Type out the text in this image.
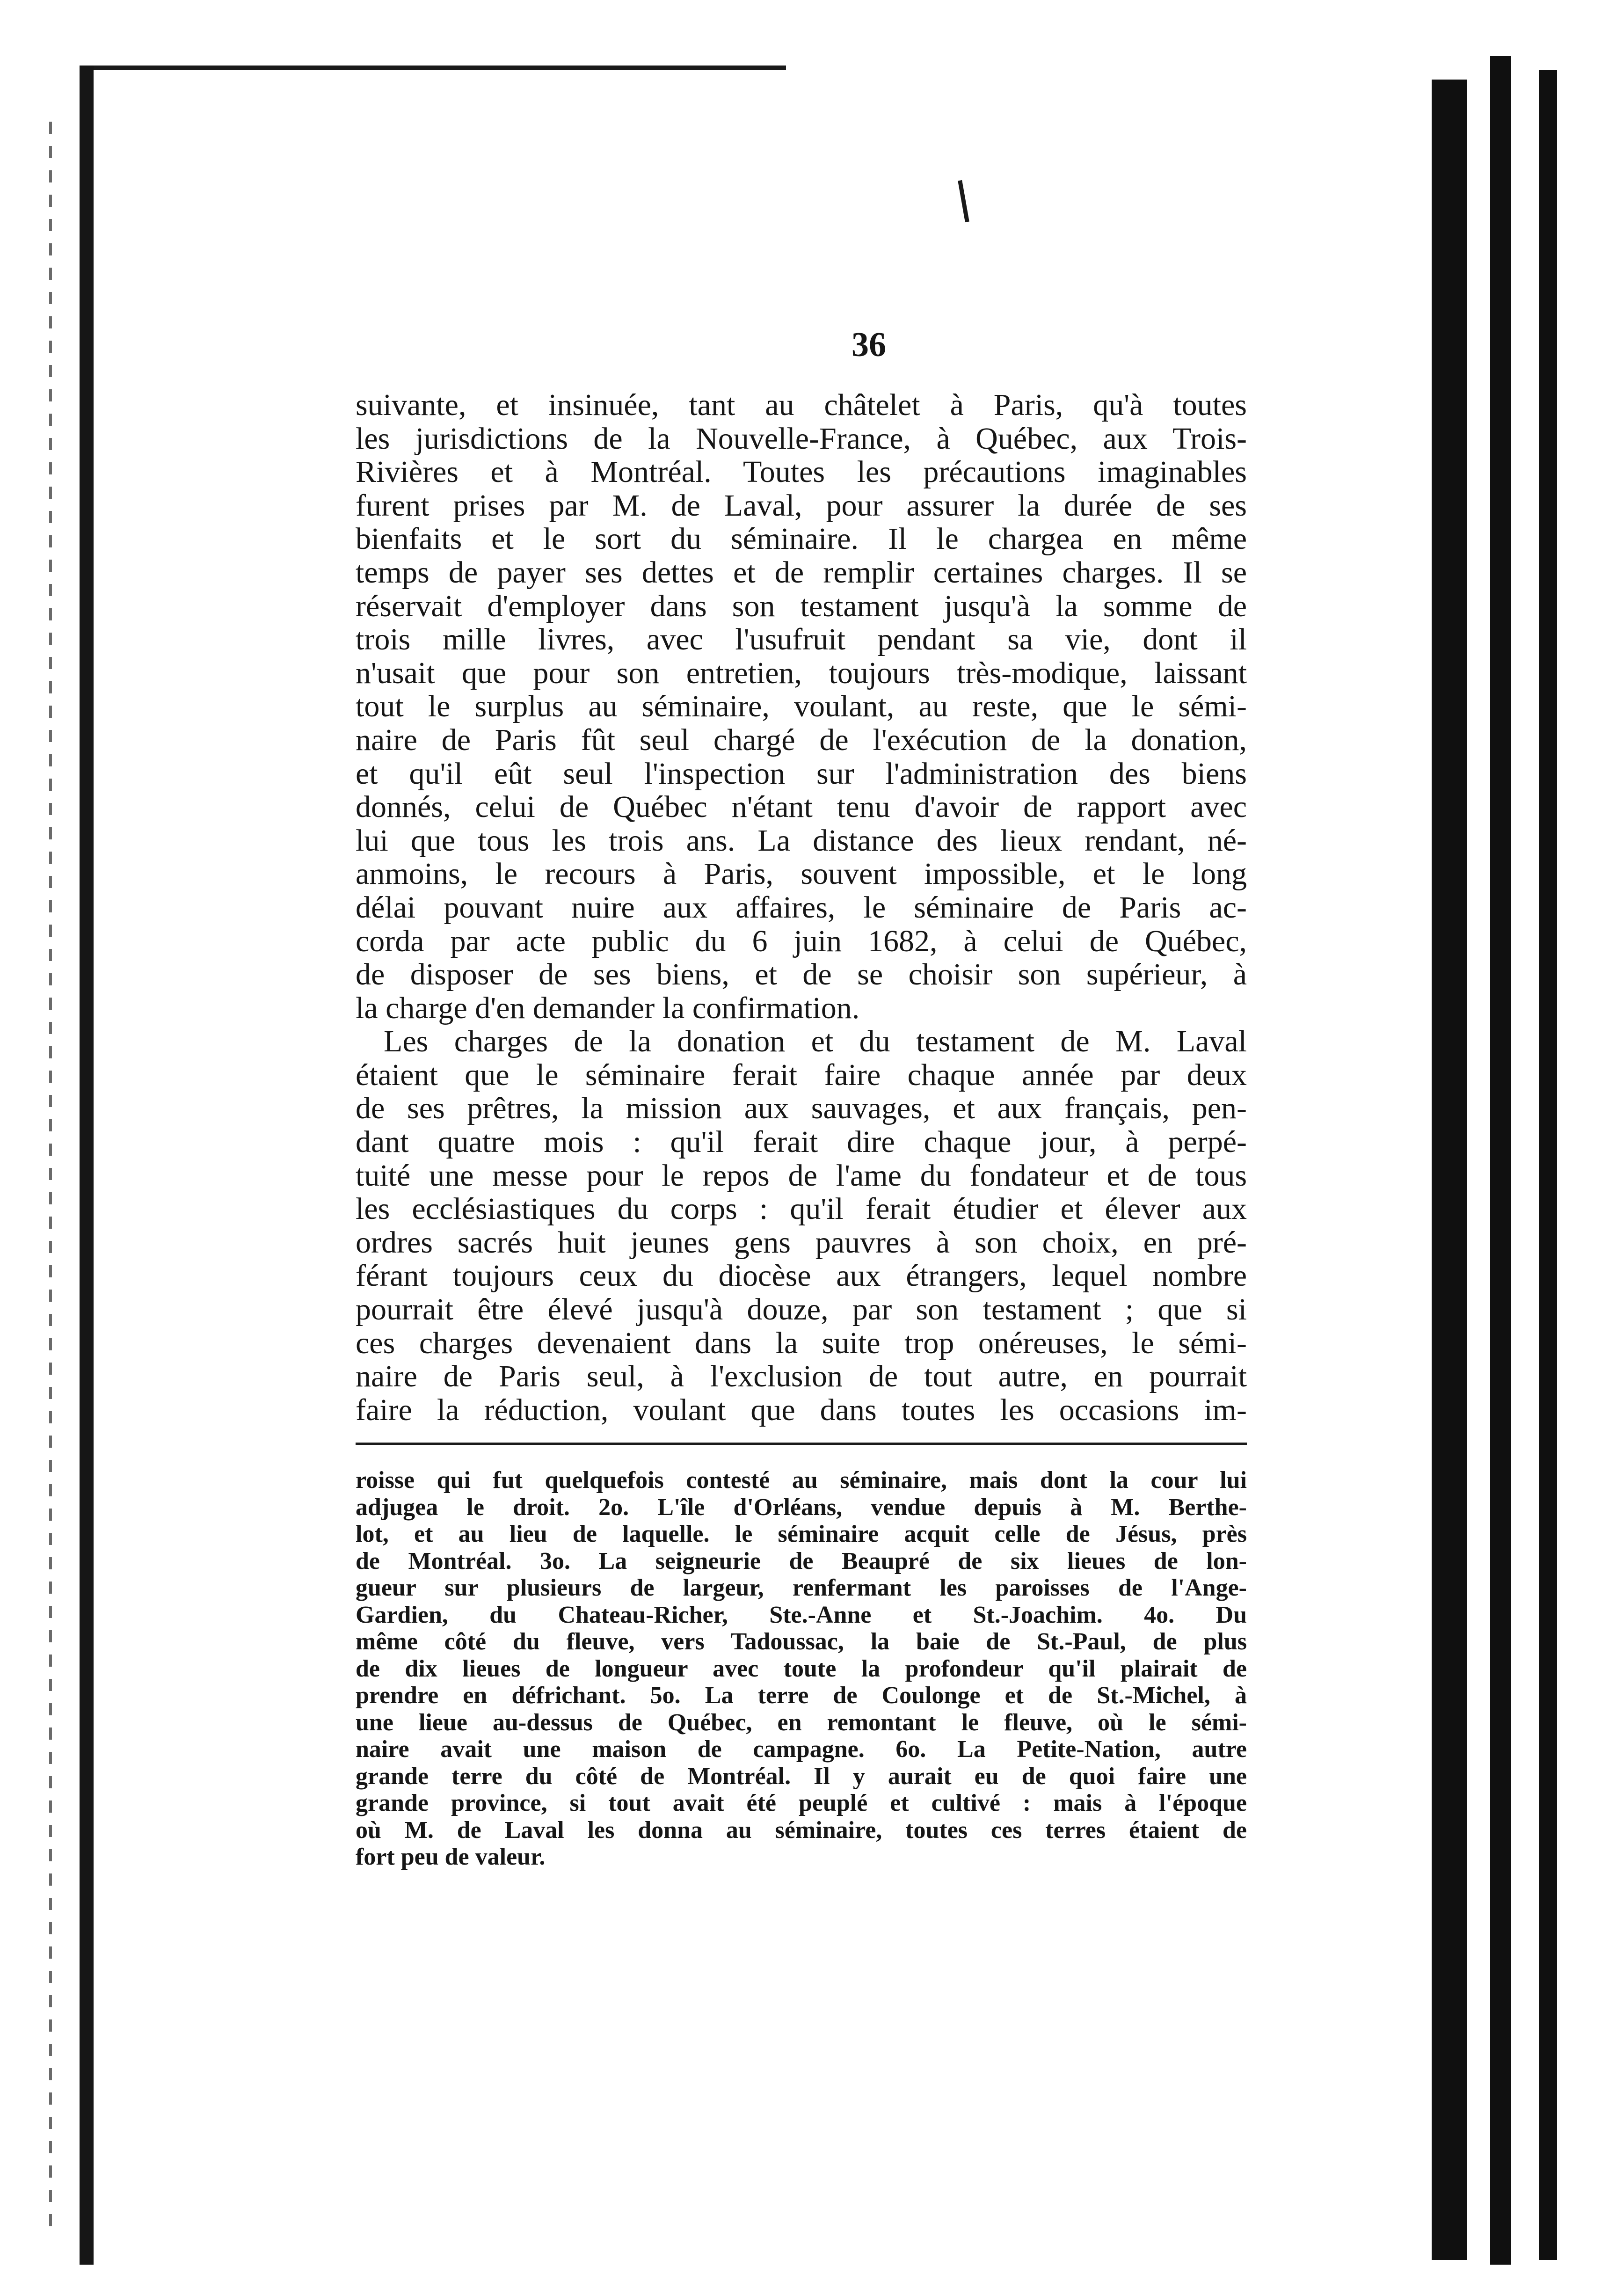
36
suivante, et insinuée, tant au châtelet à Paris, qu'à toutes
les jurisdictions de la Nouvelle-France, à Québec, aux Trois-
Rivières et à Montréal. Toutes les précautions imaginables
furent prises par M. de Laval, pour assurer la durée de ses
bienfaits et le sort du séminaire. Il le chargea en même
temps de payer ses dettes et de remplir certaines charges. Il se
réservait d'employer dans son testament jusqu'à la somme de
trois mille livres, avec l'usufruit pendant sa vie, dont il
n'usait que pour son entretien, toujours très-modique, laissant
tout le surplus au séminaire, voulant, au reste, que le sémi-
naire de Paris fût seul chargé de l'exécution de la donation,
et qu'il eût seul l'inspection sur l'administration des biens
donnés, celui de Québec n'étant tenu d'avoir de rapport avec
lui que tous les trois ans. La distance des lieux rendant, né-
anmoins, le recours à Paris, souvent impossible, et le long
délai pouvant nuire aux affaires, le séminaire de Paris ac-
corda par acte public du 6 juin 1682, à celui de Québec,
de disposer de ses biens, et de se choisir son supérieur, à
la charge d'en demander la confirmation.
Les charges de la donation et du testament de M. Laval
étaient que le séminaire ferait faire chaque année par deux
de ses prêtres, la mission aux sauvages, et aux français, pen-
dant quatre mois : qu'il ferait dire chaque jour, à perpé-
tuité une messe pour le repos de l'ame du fondateur et de tous
les ecclésiastiques du corps : qu'il ferait étudier et élever aux
ordres sacrés huit jeunes gens pauvres à son choix, en pré-
férant toujours ceux du diocèse aux étrangers, lequel nombre
pourrait être élevé jusqu'à douze, par son testament ; que si
ces charges devenaient dans la suite trop onéreuses, le sémi-
naire de Paris seul, à l'exclusion de tout autre, en pourrait
faire la réduction, voulant que dans toutes les occasions im-
roisse qui fut quelquefois contesté au séminaire, mais dont la cour lui
adjugea le droit. 2o. L'île d'Orléans, vendue depuis à M. Berthe-
lot, et au lieu de laquelle. le séminaire acquit celle de Jésus, près
de Montréal. 3o. La seigneurie de Beaupré de six lieues de lon-
gueur sur plusieurs de largeur, renfermant les paroisses de l'Ange-
Gardien, du Chateau-Richer, Ste.-Anne et St.-Joachim. 4o. Du
même côté du fleuve, vers Tadoussac, la baie de St.-Paul, de plus
de dix lieues de longueur avec toute la profondeur qu'il plairait de
prendre en défrichant. 5o. La terre de Coulonge et de St.-Michel, à
une lieue au-dessus de Québec, en remontant le fleuve, où le sémi-
naire avait une maison de campagne. 6o. La Petite-Nation, autre
grande terre du côté de Montréal. Il y aurait eu de quoi faire une
grande province, si tout avait été peuplé et cultivé : mais à l'époque
où M. de Laval les donna au séminaire, toutes ces terres étaient de
fort peu de valeur.
